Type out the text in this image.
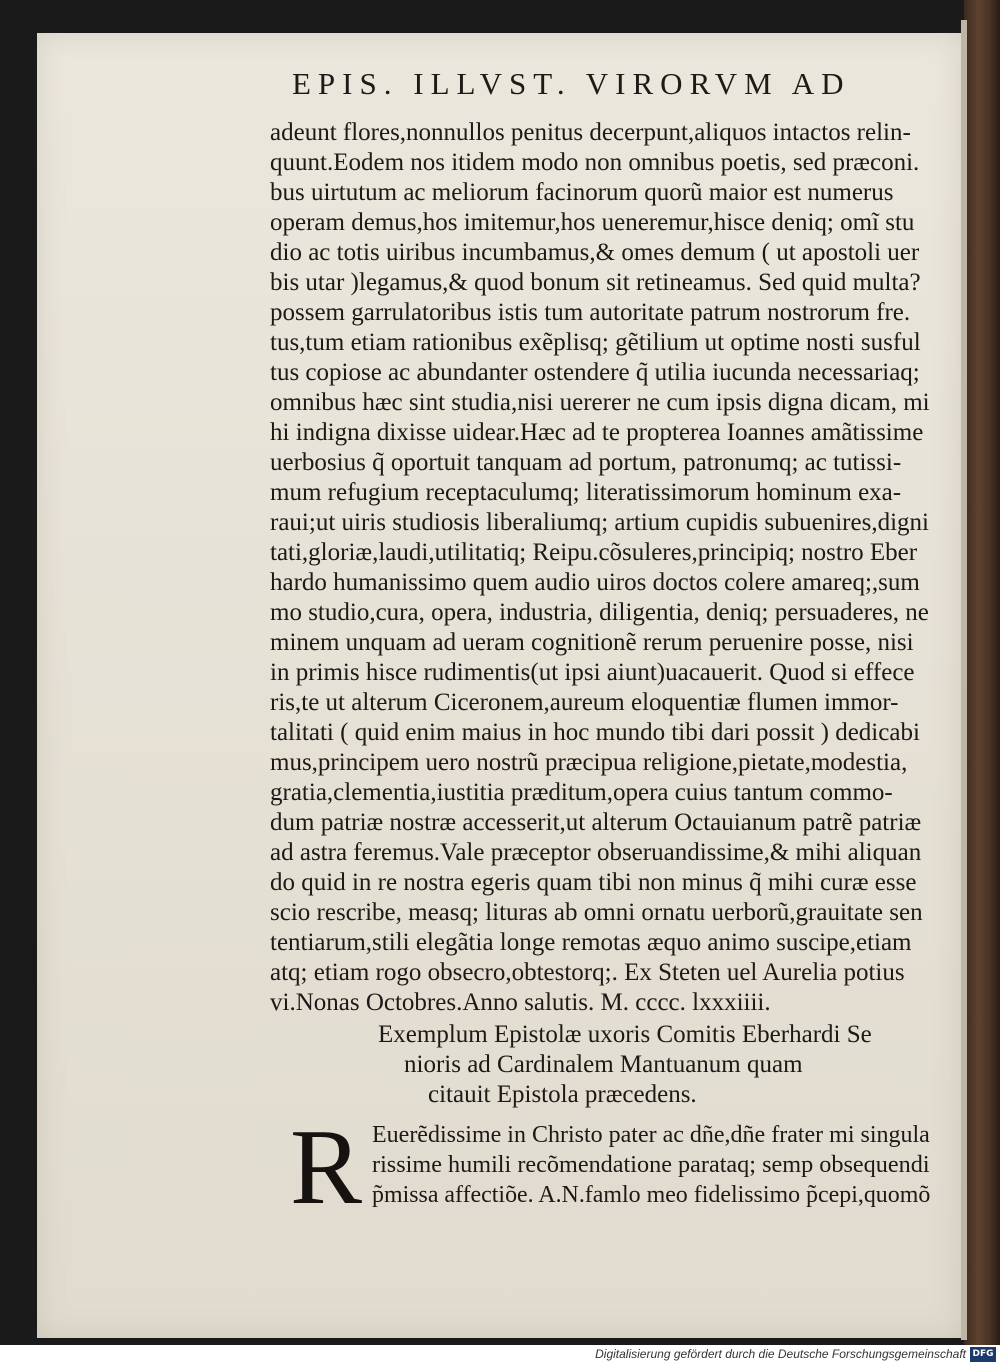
EPIS. ILLVST. VIRORVM AD
adeunt flores,nonnullos penitus decerpunt,aliquos intactos relin-
quunt.Eodem nos itidem modo non omnibus poetis, sed præconi.
bus uirtutum ac meliorum facinorum quorũ maior est numerus
operam demus,hos imitemur,hos ueneremur,hisce deniq; omĩ stu
dio ac totis uiribus incumbamus,& omes demum ( ut apostoli uer
bis utar )legamus,& quod bonum sit retineamus. Sed quid multa?
possem garrulatoribus istis tum autoritate patrum nostrorum fre.
tus,tum etiam rationibus exẽplisq; gẽtilium ut optime nosti susful
tus copiose ac abundanter ostendere q̃ utilia iucunda necessariaq;
omnibus hæc sint studia,nisi uererer ne cum ipsis digna dicam, mi
hi indigna dixisse uidear.Hæc ad te propterea Ioannes amãtissime
uerbosius q̃ oportuit tanquam ad portum, patronumq; ac tutissi-
mum refugium receptaculumq; literatissimorum hominum exa-
raui;ut uiris studiosis liberaliumq; artium cupidis subuenires,digni
tati,gloriæ,laudi,utilitatiq; Reipu.cõsuleres,principiq; nostro Eber
hardo humanissimo quem audio uiros doctos colere amareq;,sum
mo studio,cura, opera, industria, diligentia, deniq; persuaderes, ne
minem unquam ad ueram cognitionẽ rerum peruenire posse, nisi
in primis hisce rudimentis(ut ipsi aiunt)uacauerit. Quod si effece
ris,te ut alterum Ciceronem,aureum eloquentiæ flumen immor-
talitati ( quid enim maius in hoc mundo tibi dari possit ) dedicabi
mus,principem uero nostrũ præcipua religione,pietate,modestia,
gratia,clementia,iustitia præditum,opera cuius tantum commo-
dum patriæ nostræ accesserit,ut alterum Octauianum patrẽ patriæ
ad astra feremus.Vale præceptor obseruandissime,& mihi aliquan
do quid in re nostra egeris quam tibi non minus q̃ mihi curæ esse
scio rescribe, measq; lituras ab omni ornatu uerborũ,grauitate sen
tentiarum,stili elegãtia longe remotas æquo animo suscipe,etiam
atq; etiam rogo obsecro,obtestorq;. Ex Steten uel Aurelia potius
vi.Nonas Octobres.Anno salutis. M. cccc. lxxxiiii.
Exemplum Epistolæ uxoris Comitis Eberhardi Se
nioris ad Cardinalem Mantuanum quam
citauit Epistola præcedens.
R Euerẽdissime in Christo pater ac dñe,dñe frater mi singula
rissime humili recõmendatione parataq; semp obsequendi
p̃missa affectiõe. A.N.famlo meo fidelissimo p̃cepi,quomõ
Digitalisierung gefördert durch die Deutsche Forschungsgemeinschaft DFG
